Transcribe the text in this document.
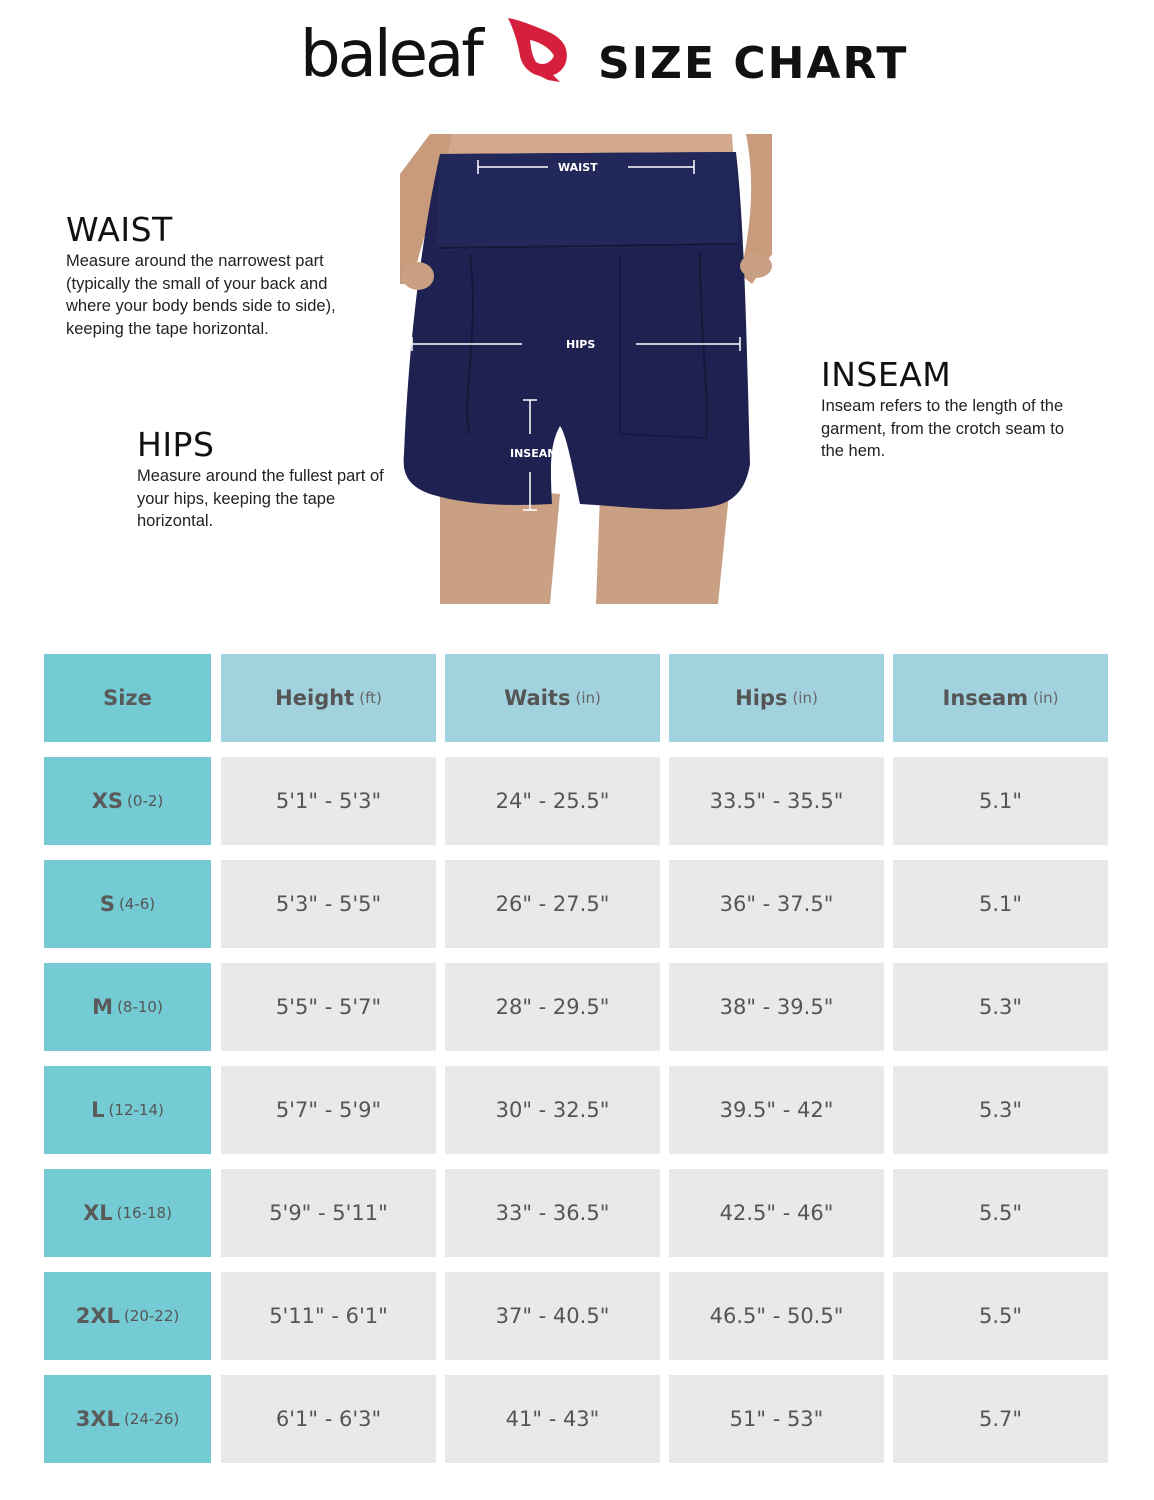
baleaf	SIZE CHART
WAIST
HIPS
INSEAM
WAIST

Measure around the narrowest part (typically the small of your back and where your body bends side to side), keeping the tape horizontal.

HIPS

Measure around the fullest part of your hips, keeping the tape horizontal.

INSEAM

Inseam refers to the length of the garment, from the crotch seam to the hem.

Size	Height (ft)	Waits (in)	Hips (in)	Inseam (in)
XS (0-2)	5'1" - 5'3"	24" - 25.5"	33.5" - 35.5"	5.1"
S (4-6)	5'3" - 5'5"	26" - 27.5"	36" - 37.5"	5.1"
M (8-10)	5'5" - 5'7"	28" - 29.5"	38" - 39.5"	5.3"
L (12-14)	5'7" - 5'9"	30" - 32.5"	39.5" - 42"	5.3"
XL (16-18)	5'9" - 5'11"	33" - 36.5"	42.5" - 46"	5.5"
2XL (20-22)	5'11" - 6'1"	37" - 40.5"	46.5" - 50.5"	5.5"
3XL (24-26)	6'1" - 6'3"	41" - 43"	51" - 53"	5.7"
